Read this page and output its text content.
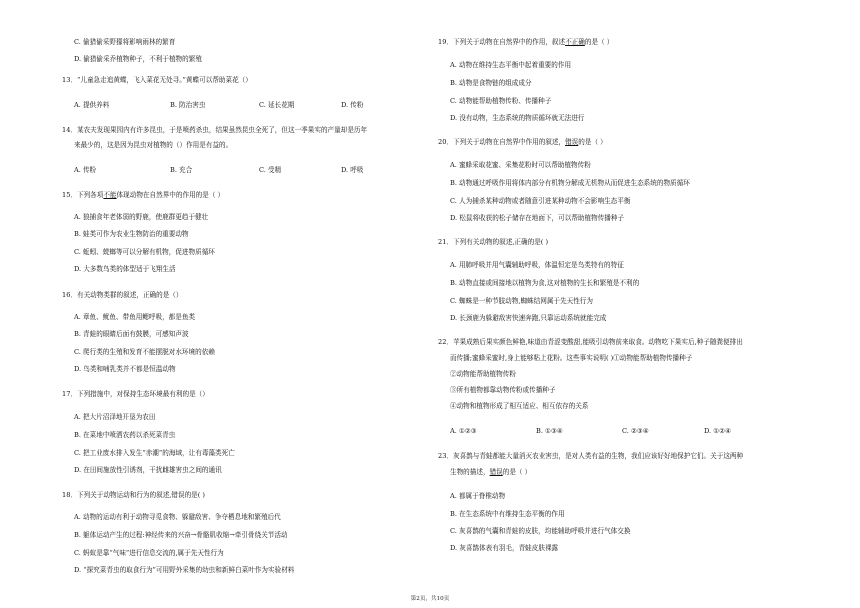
C. 偷猎偷采野獴将影响雨林的繁育
D. 偷猎偷采乔植物种子，不利于植物的繁殖
13．“儿童急走追黄蝶，飞入菜花无处寻。”黄蝶可以帮助菜花（）
A. 提供养料	B. 防治害虫	C. 延长花期	D. 传粉
14．某农夫发现果园内有许多昆虫，于是喷药杀虫，结果虽然昆虫全死了，但这一季果实的产量却是历年
来最少的，这是因为昆虫对植物的（）作用是有益的。
A. 传粉	B. 充合	C. 受精	D. 呼吸
15．下列各项不能体现动物在自然界中的作用的是（ ）
A. 狼捕食年老体弱的野鹿，使鹿群更趋于健壮
B. 蛙类可作为农业生物防治的重要动物
C. 蚯蚓、蜣螂等可以分解有机物，促进物质循环
D. 大多数鸟类的体型适于飞翔生活
16．有关动物类群的叙述，正确的是（）
A. 章鱼、鱿鱼、带鱼用鳃呼吸，都是鱼类
B. 青蛙的眼睛后面有鼓膜，可感知声波
C. 爬行类的生殖和发育不能摆脱对水环境的依赖
D. 鸟类和哺乳类并不都是恒温动物
17．下列措施中，对保持生态环境最有利的是（）
A. 把大片沼泽地开垦为农田
B. 在菜地中喷洒农药以杀死菜青虫
C. 把工业废水排入发生“赤潮”的海域，让有毒藻类死亡
D. 在田间施放性引诱剂，干扰雌雄害虫之间的通讯
18．下列关于动物运动和行为的叙述,错误的是( )
A. 动物的运动有利于动物寻觅食物、躲避敌害、争夺栖息地和繁殖后代
B. 躯体运动产生的过程:神经传来的兴奋→骨骼肌收缩→牵引骨绕关节活动
C. 蚂蚁是靠“气味”进行信息交流的,属于先天性行为
D. “探究菜青虫的取食行为”可用野外采集的幼虫和新鲜白菜叶作为实验材料
19．下列关于动物在自然界中的作用，叙述不正确的是（ ）
A. 动物在维持生态平衡中起着重要的作用
B. 动物是食物链的组成成分
C. 动物能帮助植物传粉、传播种子
D. 没有动物，生态系统的物质循环就无法进行
20．下列关于动物在自然界中作用的叙述，错误的是（ ）
A. 蜜蜂采取花蜜、采集花粉时可以帮助植物传粉
B. 动物通过呼吸作用将体内部分有机物分解成无机物从而促进生态系统的物质循环
C. 人为捕杀某种动物或者随意引进某种动物不会影响生态平衡
D. 松鼠将收获的松子储存在地面下，可以帮助植物传播种子
21．下列有关动物的叙述,正确的是( )
A. 用肺呼吸并用气囊辅助呼吸，体温恒定是鸟类特有的特征
B. 动物直接或间接地以植物为食,这对植物的生长和繁殖是不利的
C. 蜘蛛是一种节肢动物,蜘蛛结网属于先天性行为
D. 长颈鹿为躲避敌害快速奔跑,只靠运动系统就能完成
22．苹果成熟后果实颜色鲜艳,味道由青涩变酸甜,能吸引动物前来取食。动物吃下果实后,种子随粪便排出
而传播;蜜蜂采蜜时,身上能够粘上花粉。这些事实说明( )①动物能帮助植物传播种子
②动物能帮助植物传粉
③所有植物都靠动物传粉或传播种子
④动物和植物形成了相互适应、相互依存的关系
A. ①②③	B. ①③④	C. ②③④	D. ①②④
23．灰喜鹊与青蛙都能大量消灭农业害虫，是对人类有益的生物，我们应该好好地保护它们。关于这两种
生物的描述，错误的是（ ）
A. 都属于脊椎动物
B. 在生态系统中有维持生态平衡的作用
C. 灰喜鹊的气囊和青蛙的皮肤，均能辅助呼吸并进行气体交换
D. 灰喜鹊体表有羽毛，青蛙皮肤裸露
第2页，共10页
